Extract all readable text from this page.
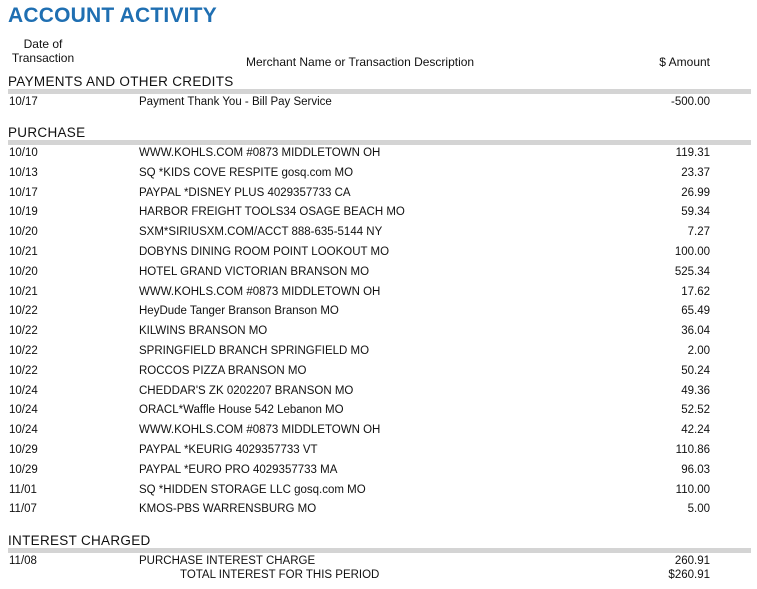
ACCOUNT ACTIVITY
Date of
Transaction	Merchant Name or Transaction Description	$ Amount
PAYMENTS AND OTHER CREDITS
10/17	Payment Thank You - Bill Pay Service	-500.00
PURCHASE
10/10	WWW.KOHLS.COM #0873 MIDDLETOWN OH	119.31
10/13	SQ *KIDS COVE RESPITE gosq.com MO	23.37
10/17	PAYPAL *DISNEY PLUS 4029357733 CA	26.99
10/19	HARBOR FREIGHT TOOLS34 OSAGE BEACH MO	59.34
10/20	SXM*SIRIUSXM.COM/ACCT 888-635-5144 NY	7.27
10/21	DOBYNS DINING ROOM POINT LOOKOUT MO	100.00
10/20	HOTEL GRAND VICTORIAN BRANSON MO	525.34
10/21	WWW.KOHLS.COM #0873 MIDDLETOWN OH	17.62
10/22	HeyDude Tanger Branson Branson MO	65.49
10/22	KILWINS BRANSON MO	36.04
10/22	SPRINGFIELD BRANCH SPRINGFIELD MO	2.00
10/22	ROCCOS PIZZA BRANSON MO	50.24
10/24	CHEDDAR'S ZK 0202207 BRANSON MO	49.36
10/24	ORACL*Waffle House 542 Lebanon MO	52.52
10/24	WWW.KOHLS.COM #0873 MIDDLETOWN OH	42.24
10/29	PAYPAL *KEURIG 4029357733 VT	110.86
10/29	PAYPAL *EURO PRO 4029357733 MA	96.03
11/01	SQ *HIDDEN STORAGE LLC gosq.com MO	110.00
11/07	KMOS-PBS WARRENSBURG MO	5.00
INTEREST CHARGED
11/08	PURCHASE INTEREST CHARGE	260.91
TOTAL INTEREST FOR THIS PERIOD	$260.91
